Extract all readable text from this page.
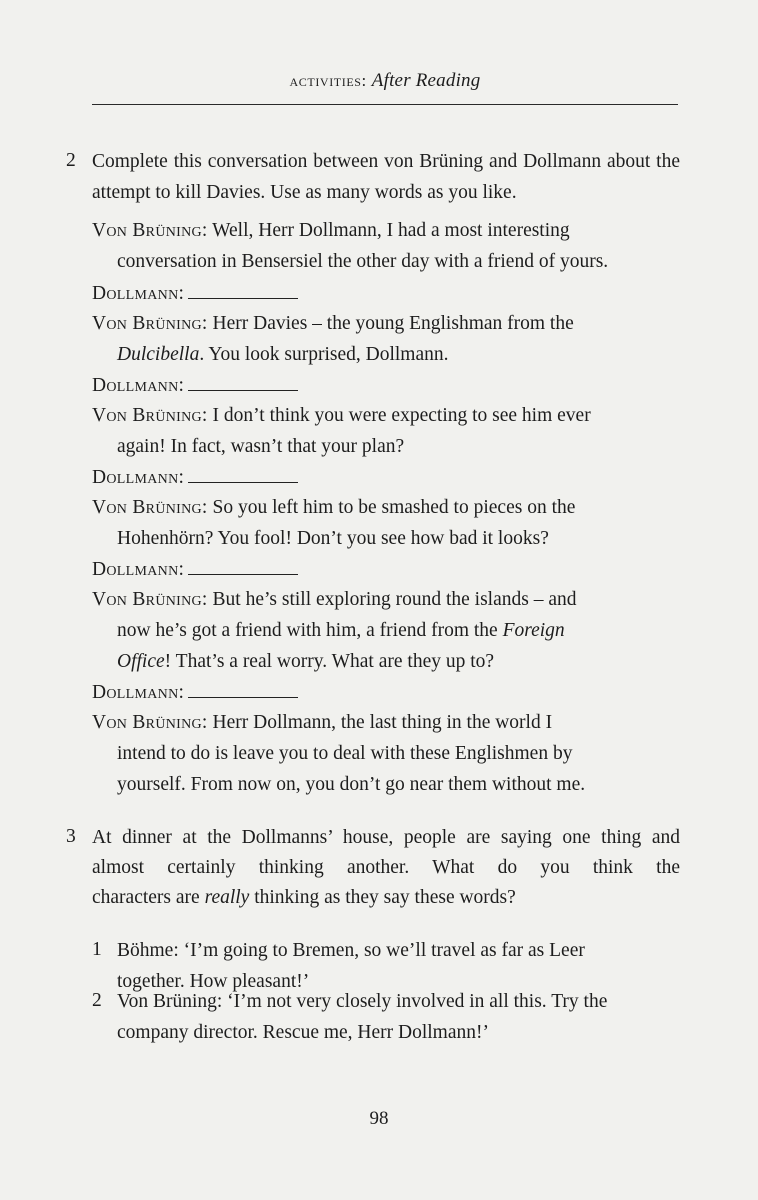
activities: After Reading
2 Complete this conversation between von Brüning and Dollmann about the attempt to kill Davies. Use as many words as you like.
Von Brüning: Well, Herr Dollmann, I had a most interesting
conversation in Bensersiel the other day with a friend of yours.
Dollmann:
Von Brüning: Herr Davies – the young Englishman from the
Dulcibella. You look surprised, Dollmann.
Dollmann:
Von Brüning: I don’t think you were expecting to see him ever
again! In fact, wasn’t that your plan?
Dollmann:
Von Brüning: So you left him to be smashed to pieces on the
Hohenhörn? You fool! Don’t you see how bad it looks?
Dollmann:
Von Brüning: But he’s still exploring round the islands – and
now he’s got a friend with him, a friend from the Foreign
Office! That’s a real worry. What are they up to?
Dollmann:
Von Brüning: Herr Dollmann, the last thing in the world I
intend to do is leave you to deal with these Englishmen by
yourself. From now on, you don’t go near them without me.
3 At dinner at the Dollmanns’ house, people are saying one thing and
almost certainly thinking another. What do you think the
characters are really thinking as they say these words?
1 Böhme: ‘I’m going to Bremen, so we’ll travel as far as Leer
together. How pleasant!’
2 Von Brüning: ‘I’m not very closely involved in all this. Try the
company director. Rescue me, Herr Dollmann!’
98
